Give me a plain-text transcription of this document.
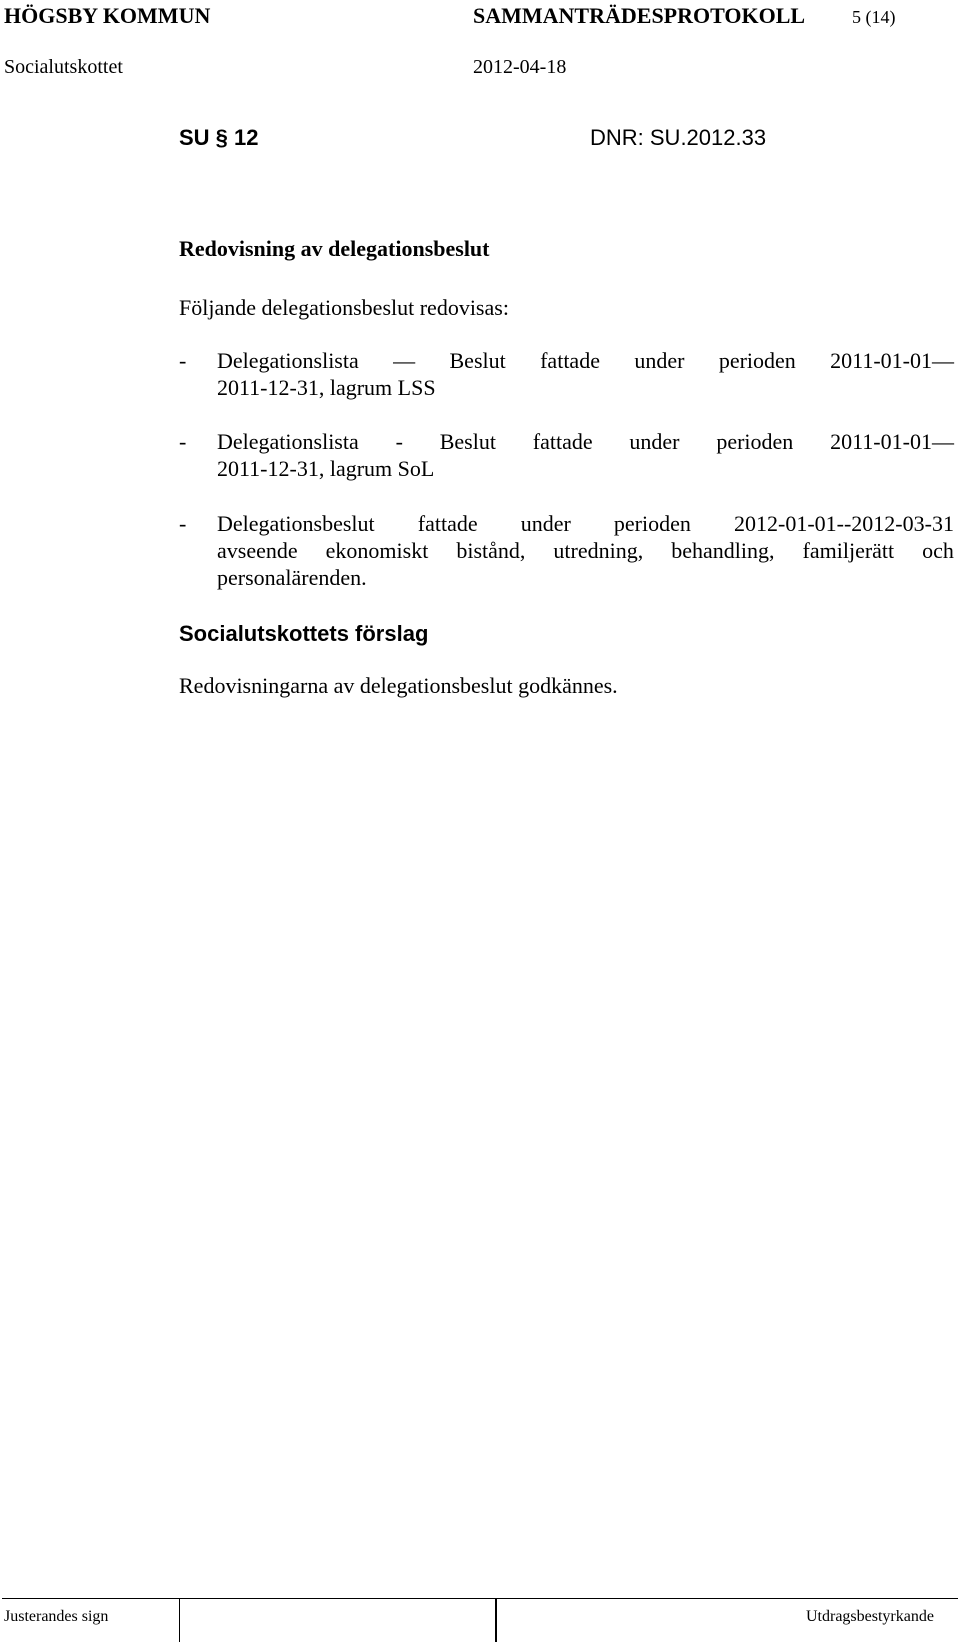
HÖGSBY KOMMUN	SAMMANTRÄDESPROTOKOLL	5 (14)
Socialutskottet	2012-04-18
SU § 12	DNR: SU.2012.33
Redovisning av delegationsbeslut
Följande delegationsbeslut redovisas:
- Delegationslista — Beslut fattade under perioden 2011-01-01—
2011-12-31, lagrum LSS
- Delegationslista - Beslut fattade under perioden 2011-01-01—
2011-12-31, lagrum SoL
- Delegationsbeslut fattade under perioden 2012-01-01--2012-03-31
avseende ekonomiskt bistånd, utredning, behandling, familjerätt och
personalärenden.
Socialutskottets förslag
Redovisningarna av delegationsbeslut godkännes.
Justerandes sign	Utdragsbestyrkande
